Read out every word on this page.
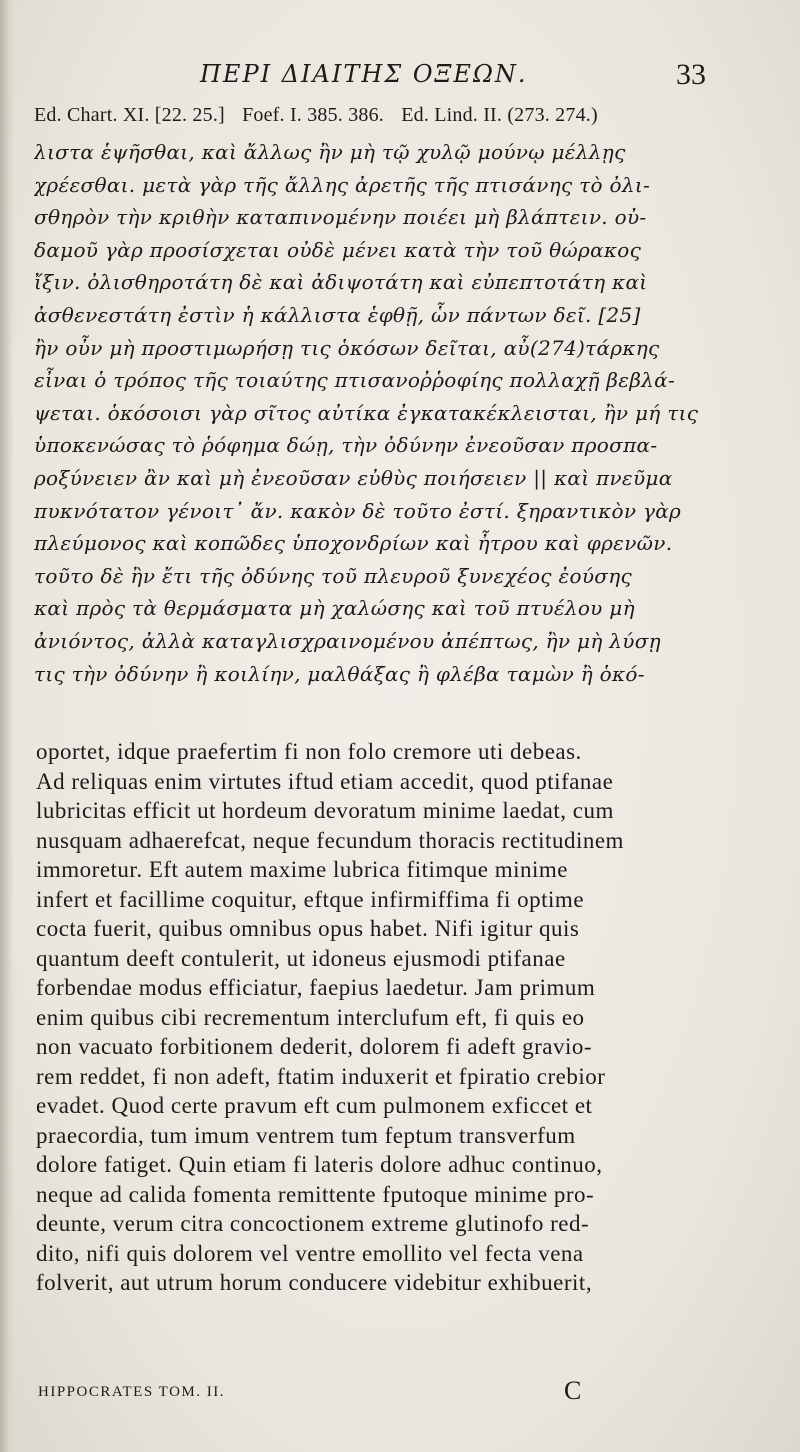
ΠΕΡΙ ΔΙΑΙΤΗΣ ΟΞΕΩΝ.	33
Ed. Chart. XI. [22. 25.] Foef. I. 385. 386. Ed. Lind. II. (273. 274.)
λιστα ἑψῆσθαι, καὶ ἄλλως ἢν μὴ τῷ χυλῷ μούνῳ μέλλῃς
χρέεσθαι. μετὰ γὰρ τῆς ἄλλης ἀρετῆς τῆς πτισάνης τὸ ὀλι-
σθηρὸν τὴν κριθὴν καταπινομένην ποιέει μὴ βλάπτειν. οὐ-
δαμοῦ γὰρ προσίσχεται οὐδὲ μένει κατὰ τὴν τοῦ θώρακος
ἴξιν. ὀλισθηροτάτη δὲ καὶ ἀδιψοτάτη καὶ εὐπεπτοτάτη καὶ
ἀσθενεστάτη ἐστὶν ἡ κάλλιστα ἑφθῇ, ὧν πάντων δεῖ. [25]
ἢν οὖν μὴ προστιμωρήσῃ τις ὁκόσων δεῖται, αὖ(274)τάρκης
εἶναι ὁ τρόπος τῆς τοιαύτης πτισανοῤῥοφίης πολλαχῇ βεβλά-
ψεται. ὁκόσοισι γὰρ σῖτος αὐτίκα ἐγκατακέκλεισται, ἢν μή τις
ὑποκενώσας τὸ ῥόφημα δώῃ, τὴν ὀδύνην ἐνεοῦσαν προσπα-
ροξύνειεν ἂν καὶ μὴ ἐνεοῦσαν εὐθὺς ποιήσειεν || καὶ πνεῦμα
πυκνότατον γένοιτ᾽ ἄν. κακὸν δὲ τοῦτο ἐστί. ξηραντικὸν γὰρ
πλεύμονος καὶ κοπῶδες ὑποχονδρίων καὶ ἦτρου καὶ φρενῶν.
τοῦτο δὲ ἢν ἔτι τῆς ὀδύνης τοῦ πλευροῦ ξυνεχέος ἐούσης
καὶ πρὸς τὰ θερμάσματα μὴ χαλώσης καὶ τοῦ πτυέλου μὴ
ἀνιόντος, ἀλλὰ καταγλισχραινομένου ἀπέπτως, ἢν μὴ λύσῃ
τις τὴν ὀδύνην ἢ κοιλίην, μαλθάξας ἢ φλέβα ταμὼν ἢ ὁκό-
oportet, idque praefertim fi non folo cremore uti debeas.
Ad reliquas enim virtutes iftud etiam accedit, quod ptifanae
lubricitas efficit ut hordeum devoratum minime laedat, cum
nusquam adhaerefcat, neque fecundum thoracis rectitudinem
immoretur. Eft autem maxime lubrica fitimque minime
infert et facillime coquitur, eftque infirmiffima fi optime
cocta fuerit, quibus omnibus opus habet. Nifi igitur quis
quantum deeft contulerit, ut idoneus ejusmodi ptifanae
forbendae modus efficiatur, faepius laedetur. Jam primum
enim quibus cibi recrementum interclufum eft, fi quis eo
non vacuato forbitionem dederit, dolorem fi adeft gravio-
rem reddet, fi non adeft, ftatim induxerit et fpiratio crebior
evadet. Quod certe pravum eft cum pulmonem exficcet et
praecordia, tum imum ventrem tum feptum transverfum
dolore fatiget. Quin etiam fi lateris dolore adhuc continuo,
neque ad calida fomenta remittente fputoque minime pro-
deunte, verum citra concoctionem extreme glutinofo red-
dito, nifi quis dolorem vel ventre emollito vel fecta vena
folverit, aut utrum horum conducere videbitur exhibuerit,
HIPPOCRATES TOM. II.	C
